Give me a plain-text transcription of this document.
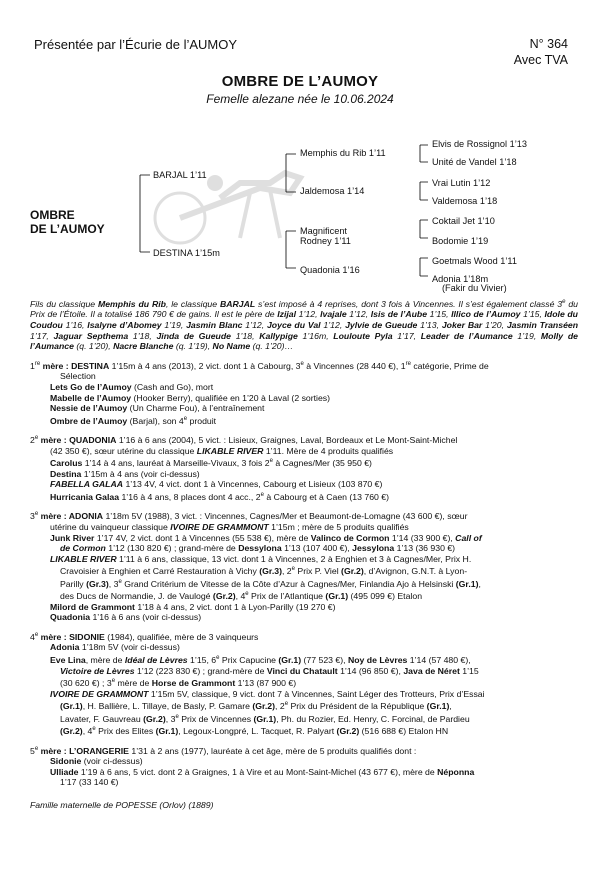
Présentée par l’Écurie de l’AUMOY	N° 364
Avec TVA
OMBRE DE L’AUMOY
Femelle alezane née le 10.06.2024
OMBRE
DE L’AUMOY
BARJAL 1’11
DESTINA 1’15m
Memphis du Rib 1’11
Jaldemosa 1’14
Magnificent Rodney 1’11
Quadonia 1’16
Elvis de Rossignol 1’13
Unité de Vandel 1’18
Vrai Lutin 1’12
Valdemosa 1’18
Coktail Jet 1’10
Bodomie 1’19
Goetmals Wood 1’11
Adonia 1’18m
(Fakir du Vivier)

Fils du classique Memphis du Rib, le classique BARJAL s’est imposé à 4 reprises, dont 3 fois à Vincennes. Il s’est également classé 3e du Prix de l’Étoile. Il a totalisé 186 790 € de gains. Il est le père de Izijal 1’12, Ivajale 1’12, Isis de l’Aube 1’15, Illico de l’Aumoy 1’15, Idole du Coudou 1’16, Isalyne d’Abomey 1’19, Jasmin Blanc 1’12, Joyce du Val 1’12, Jylvie de Gueude 1’13, Joker Bar 1’20, Jasmin Transéen 1’17, Jaguar Septhema 1’18, Jinda de Gueude 1’18, Kallypige 1’16m, Louloute Pyla 1’17, Leader de l’Aumance 1’19, Molly de l’Aumance (q. 1’20), Nacre Blanche (q. 1’19), No Name (q. 1’20)…

1re mère : DESTINA 1’15m à 4 ans (2013), 2 vict. dont 1 à Cabourg, 3e à Vincennes (28 440 €), 1re catégorie, Prime de

Sélection

Lets Go de l’Aumoy (Cash and Go), mort

Mabelle de l’Aumoy (Hooker Berry), qualifiée en 1’20 à Laval (2 sorties)

Nessie de l’Aumoy (Un Charme Fou), à l’entraînement

Ombre de l’Aumoy (Barjal), son 4e produit

2e mère : QUADONIA 1’16 à 6 ans (2004), 5 vict. : Lisieux, Graignes, Laval, Bordeaux et Le Mont-Saint-Michel

(42 350 €), sœur utérine du classique LIKABLE RIVER 1’11. Mère de 4 produits qualifiés

Carolus 1’14 à 4 ans, lauréat à Marseille-Vivaux, 3 fois 2e à Cagnes/Mer (35 950 €)

Destina 1’15m à 4 ans (voir ci-dessus)

FABELLA GALAA 1’13 4V, 4 vict. dont 1 à Vincennes, Cabourg et Lisieux (103 870 €)

Hurricania Galaa 1’16 à 4 ans, 8 places dont 4 acc., 2e à Cabourg et à Caen (13 760 €)

3e mère : ADONIA 1’18m 5V (1988), 3 vict. : Vincennes, Cagnes/Mer et Beaumont-de-Lomagne (43 600 €), sœur

utérine du vainqueur classique IVOIRE DE GRAMMONT 1’15m ; mère de 5 produits qualifiés

Junk River 1’17 4V, 2 vict. dont 1 à Vincennes (55 538 €), mère de Valinco de Cormon 1’14 (33 900 €), Call of

de Cormon 1’12 (130 820 €) ; grand-mère de Dessylona 1’13 (107 400 €), Jessylona 1’13 (36 930 €)

LIKABLE RIVER 1’11 à 6 ans, classique, 13 vict. dont 1 à Vincennes, 2 à Enghien et 3 à Cagnes/Mer, Prix H.

Cravoisier à Enghien et Carré Restauration à Vichy (Gr.3), 2e Prix P. Viel (Gr.2), d’Avignon, G.N.T. à Lyon-

Parilly (Gr.3), 3e Grand Critérium de Vitesse de la Côte d’Azur à Cagnes/Mer, Finlandia Ajo à Helsinski (Gr.1),

des Ducs de Normandie, J. de Vaulogé (Gr.2), 4e Prix de l’Atlantique (Gr.1) (495 099 €) Etalon

Milord de Grammont 1’18 à 4 ans, 2 vict. dont 1 à Lyon-Parilly (19 270 €)

Quadonia 1’16 à 6 ans (voir ci-dessus)

4e mère : SIDONIE (1984), qualifiée, mère de 3 vainqueurs

Adonia 1’18m 5V (voir ci-dessus)

Eve Lina, mère de Idéal de Lèvres 1’15, 6e Prix Capucine (Gr.1) (77 523 €), Noy de Lèvres 1’14 (57 480 €),

Victoire de Lèvres 1’12 (223 830 €) ; grand-mère de Vinci du Chatault 1’14 (96 850 €), Java de Néret 1’15

(30 620 €) ; 3e mère de Horse de Grammont 1’13 (87 900 €)

IVOIRE DE GRAMMONT 1’15m 5V, classique, 9 vict. dont 7 à Vincennes, Saint Léger des Trotteurs, Prix d’Essai

(Gr.1), H. Ballière, L. Tillaye, de Basly, P. Gamare (Gr.2), 2e Prix du Président de la République (Gr.1),

Lavater, F. Gauvreau (Gr.2), 3e Prix de Vincennes (Gr.1), Ph. du Rozier, Ed. Henry, C. Forcinal, de Pardieu

(Gr.2), 4e Prix des Elites (Gr.1), Legoux-Longpré, L. Tacquet, R. Palyart (Gr.2) (516 688 €) Etalon HN

5e mère : L’ORANGERIE 1’31 à 2 ans (1977), lauréate à cet âge, mère de 5 produits qualifiés dont :

Sidonie (voir ci-dessus)

Ulliade 1’19 à 6 ans, 5 vict. dont 2 à Graignes, 1 à Vire et au Mont-Saint-Michel (43 677 €), mère de Néponna

1’17 (33 140 €)

Famille maternelle de POPESSE (Orlov) (1889)
